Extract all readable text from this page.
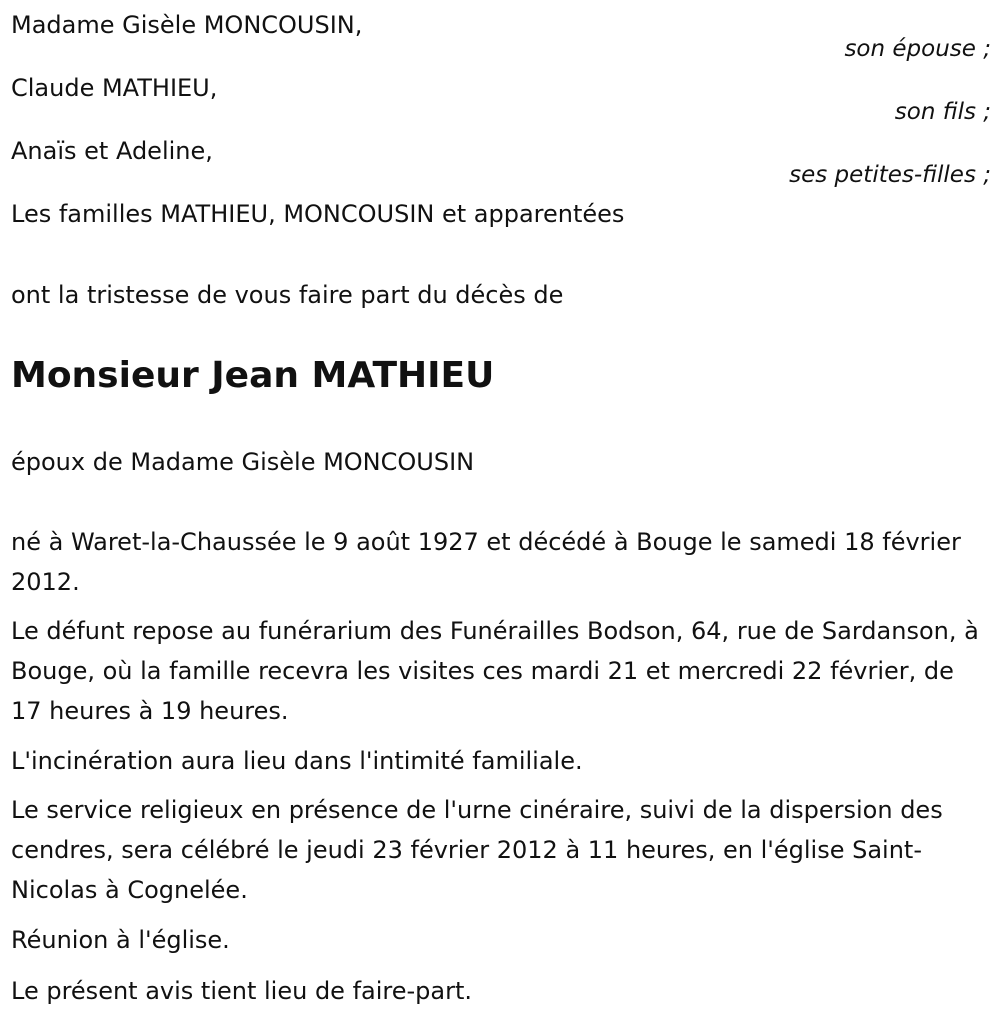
Madame Gisèle MONCOUSIN,
son épouse ;
Claude MATHIEU,
son fils ;
Anaïs et Adeline,
ses petites-filles ;
Les familles MATHIEU, MONCOUSIN et apparentées
ont la tristesse de vous faire part du décès de
Monsieur Jean MATHIEU
époux de Madame Gisèle MONCOUSIN
né à Waret-la-Chaussée le 9 août 1927 et décédé à Bouge le samedi 18 février 2012.
Le défunt repose au funérarium des Funérailles Bodson, 64, rue de Sardanson, à Bouge, où la famille recevra les visites ces mardi 21 et mercredi 22 février, de 17 heures à 19 heures.
L'incinération aura lieu dans l'intimité familiale.
Le service religieux en présence de l'urne cinéraire, suivi de la dispersion des cendres, sera célébré le jeudi 23 février 2012 à 11 heures, en l'église Saint-Nicolas à Cognelée.
Réunion à l'église.
Le présent avis tient lieu de faire-part.
